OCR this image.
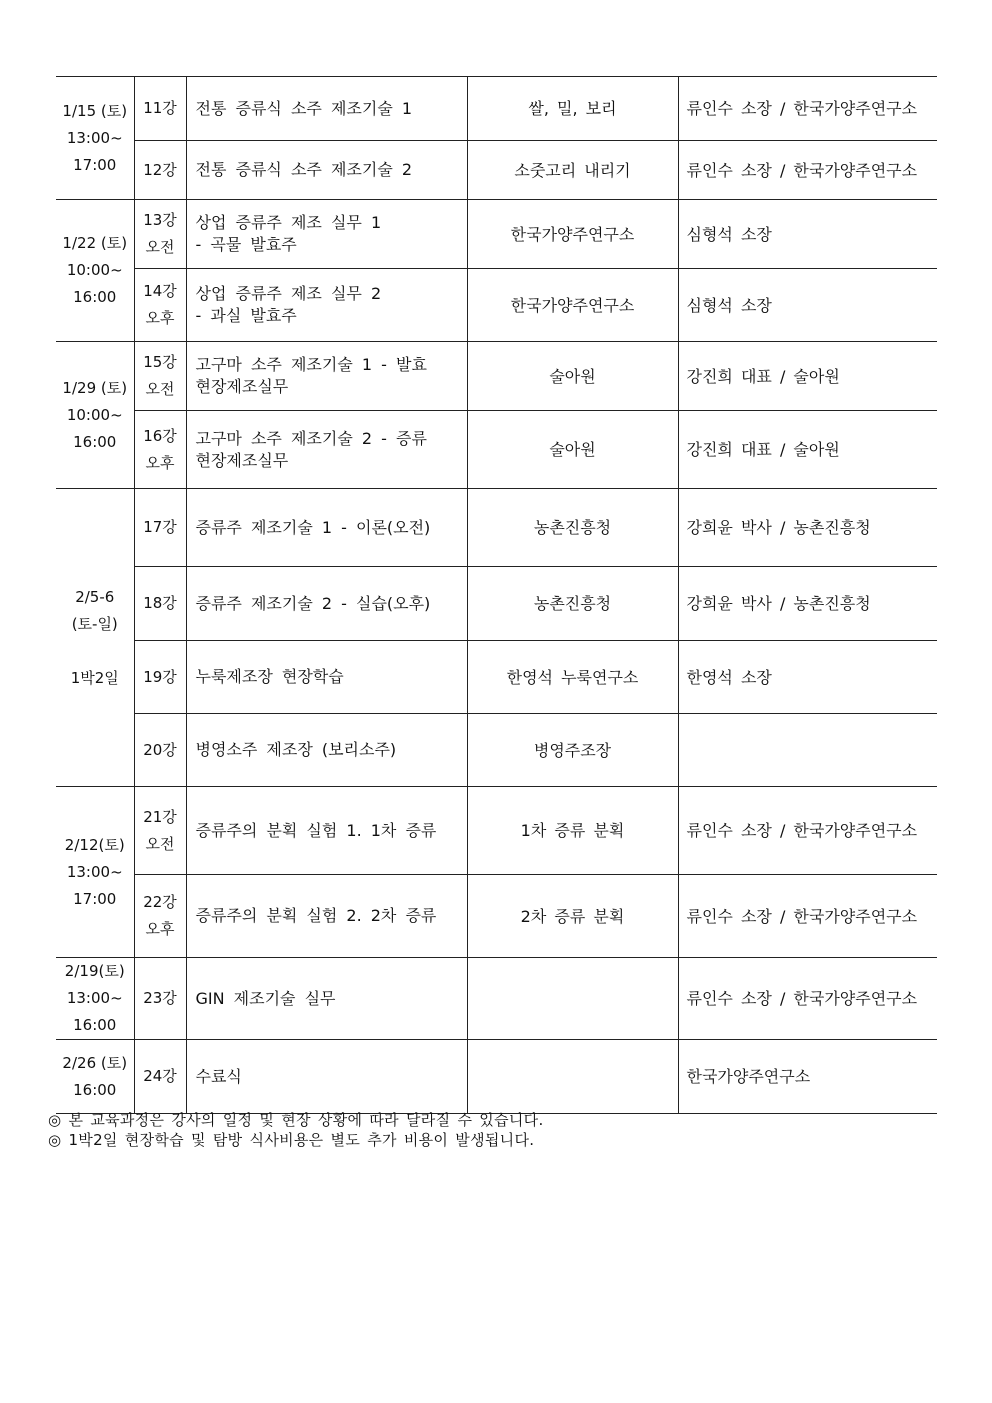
1/15 (토)
13:00~
17:00	11강	전통 증류식 소주 제조기술 1	쌀, 밀, 보리	류인수 소장 / 한국가양주연구소

	12강	전통 증류식 소주 제조기술 2	소줏고리 내리기	류인수 소장 / 한국가양주연구소

1/22 (토)
10:00~
16:00	13강
오전	상업 증류주 제조 실무 1
- 곡물 발효주	한국가양주연구소	심형석 소장

	14강
오후	상업 증류주 제조 실무 2
- 과실 발효주	한국가양주연구소	심형석 소장

1/29 (토)
10:00~
16:00	15강
오전	고구마 소주 제조기술 1 - 발효
현장제조실무	술아원	강진희 대표 / 술아원

	16강
오후	고구마 소주 제조기술 2 - 증류
현장제조실무	술아원	강진희 대표 / 술아원

2/5-6
(토-일)
1박2일	17강	증류주 제조기술 1 - 이론(오전)	농촌진흥청	강희윤 박사 / 농촌진흥청

	18강	증류주 제조기술 2 - 실습(오후)	농촌진흥청	강희윤 박사 / 농촌진흥청

	19강	누룩제조장 현장학습	한영석 누룩연구소	한영석 소장

	20강	병영소주 제조장 (보리소주)	병영주조장	

2/12(토)
13:00~
17:00	21강
오전	증류주의 분획 실험 1. 1차 증류	1차 증류 분획	류인수 소장 / 한국가양주연구소

	22강
오후	증류주의 분획 실험 2. 2차 증류	2차 증류 분획	류인수 소장 / 한국가양주연구소

2/19(토)
13:00~
16:00	23강	GIN 제조기술 실무		류인수 소장 / 한국가양주연구소

2/26 (토)
16:00	24강	수료식		한국가양주연구소
◎ 본 교육과정은 강사의 일정 및 현장 상황에 따라 달라질 수 있습니다.
◎ 1박2일 현장학습 및 탐방 식사비용은 별도 추가 비용이 발생됩니다.
